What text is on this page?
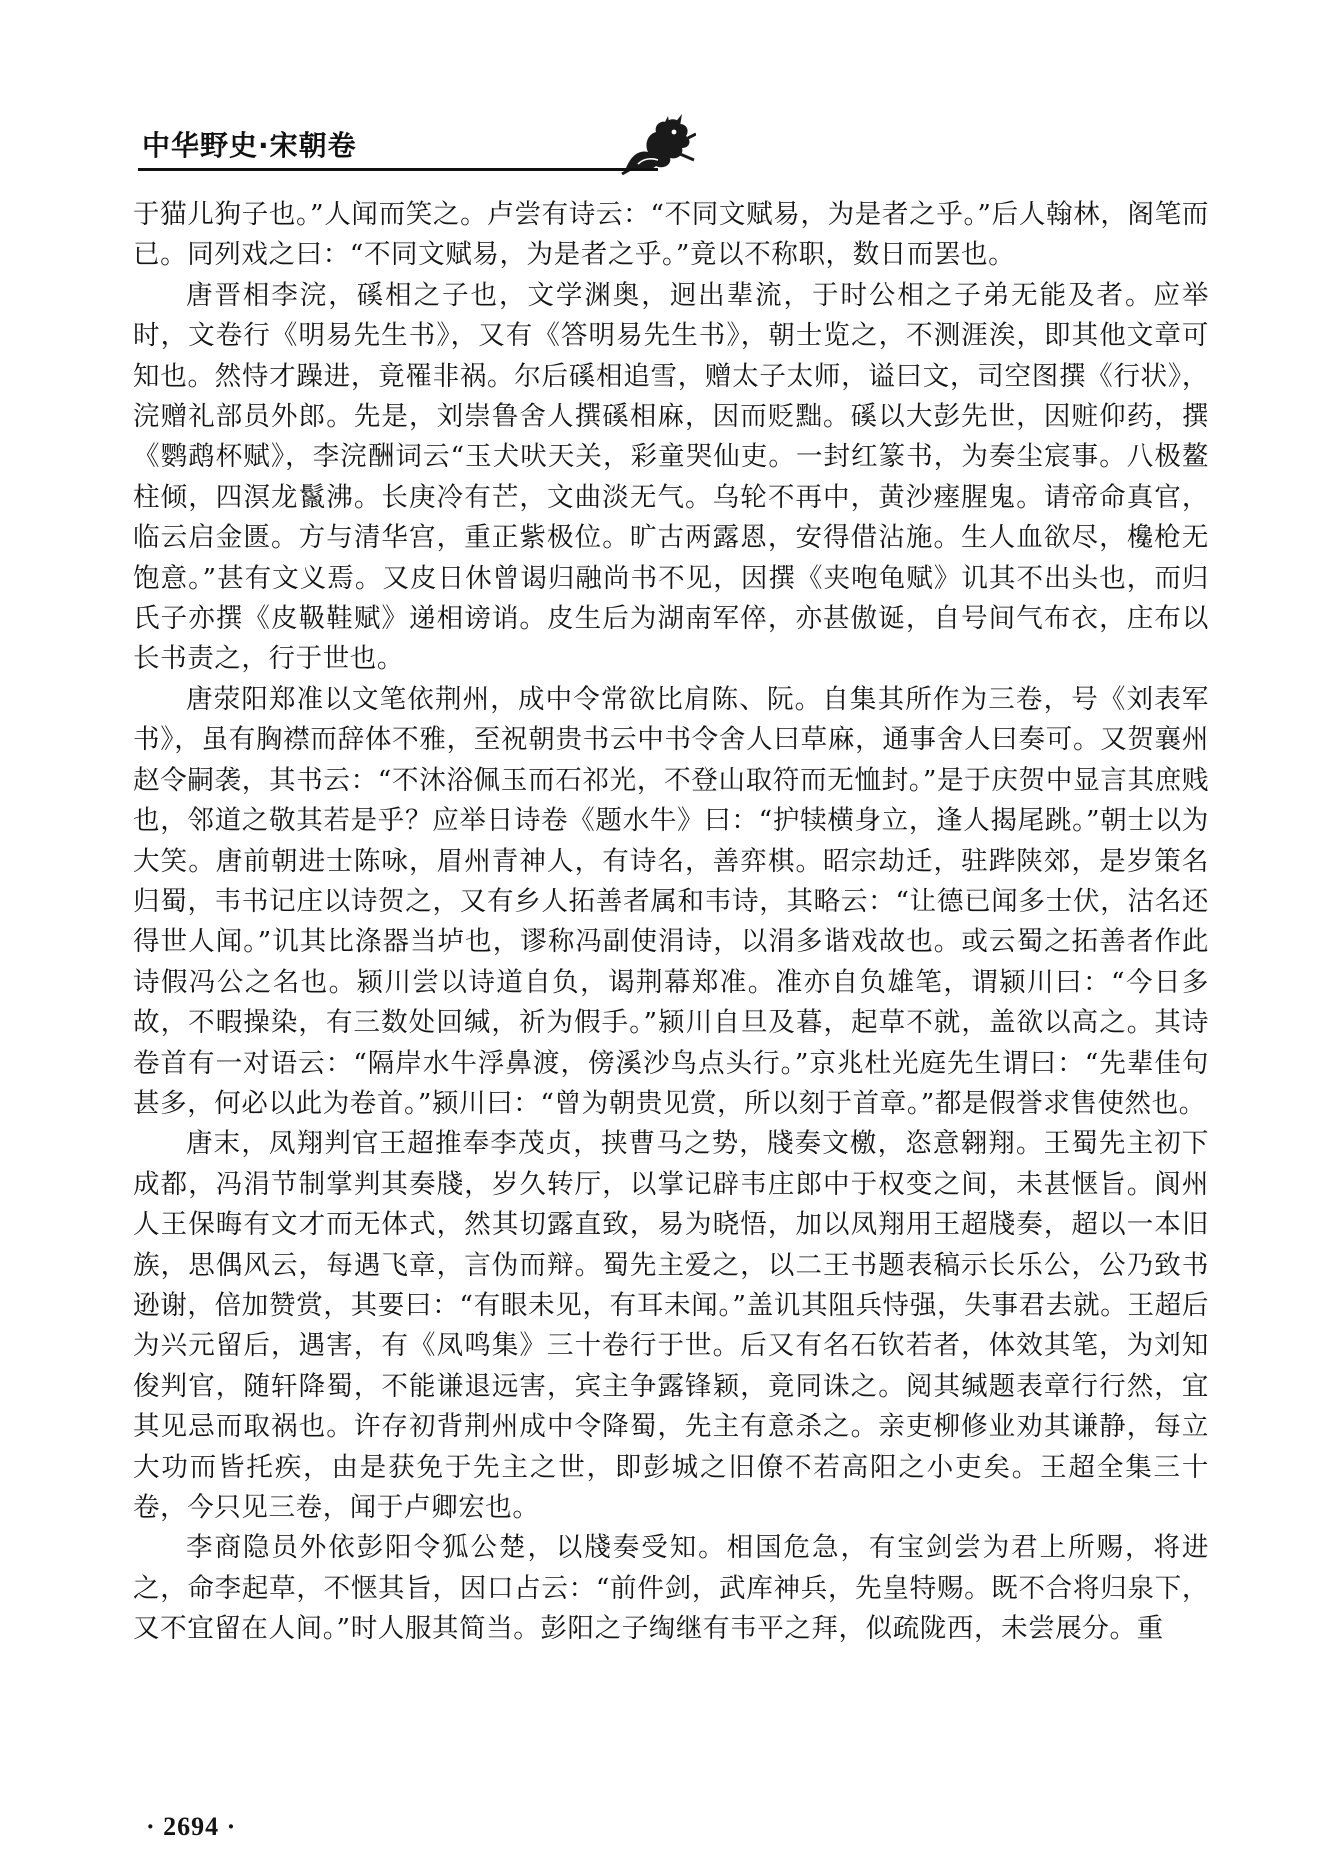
中华野史·宋朝卷

于猫儿狗子也。”人闻而笑之。卢尝有诗云：“不同文赋易，为是者之乎。”后人翰林，阁笔而已。同列戏之曰：“不同文赋易，为是者之乎。”竟以不称职，数日而罢也。

唐晋相李浣，磎相之子也，文学渊奥，迥出辈流，于时公相之子弟无能及者。应举时，文卷行《明易先生书》，又有《答明易先生书》，朝士览之，不测涯涘，即其他文章可知也。然恃才躁进，竟罹非祸。尔后磎相追雪，赠太子太师，谥曰文，司空图撰《行状》，浣赠礼部员外郎。先是，刘崇鲁舍人撰磎相麻，因而贬黜。磎以大彭先世，因赃仰药，撰《鹦鹉杯赋》，李浣酬词云“玉犬吠天关，彩童哭仙吏。一封红篆书，为奏尘宸事。八极鳌柱倾，四溟龙鬣沸。长庚冷有芒，文曲淡无气。乌轮不再中，黄沙瘗腥鬼。请帝命真官，临云启金匮。方与清华宫，重正紫极位。旷古两露恩，安得借沾施。生人血欲尽，欃枪无饱意。”甚有文义焉。又皮日休曾谒归融尚书不见，因撰《夹咆龟赋》讥其不出头也，而归氏子亦撰《皮靸鞋赋》递相谤诮。皮生后为湖南军倅，亦甚傲诞，自号间气布衣，庄布以长书责之，行于世也。

唐荥阳郑准以文笔依荆州，成中令常欲比肩陈、阮。自集其所作为三卷，号《刘表军书》，虽有胸襟而辞体不雅，至祝朝贵书云中书令舍人曰草麻，通事舍人曰奏可。又贺襄州赵令嗣袭，其书云：“不沐浴佩玉而石祁光，不登山取符而无恤封。”是于庆贺中显言其庶贱也，邻道之敬其若是乎？应举日诗卷《题水牛》曰：“护犊横身立，逢人揭尾跳。”朝士以为大笑。唐前朝进士陈咏，眉州青神人，有诗名，善弈棋。昭宗劫迁，驻跸陕郊，是岁策名归蜀，韦书记庄以诗贺之，又有乡人拓善者属和韦诗，其略云：“让德已闻多士伏，沽名还得世人闻。”讥其比涤器当垆也，谬称冯副使涓诗，以涓多谐戏故也。或云蜀之拓善者作此诗假冯公之名也。颍川尝以诗道自负，谒荆幕郑准。准亦自负雄笔，谓颍川曰：“今日多故，不暇操染，有三数处回缄，祈为假手。”颍川自旦及暮，起草不就，盖欲以高之。其诗卷首有一对语云：“隔岸水牛浮鼻渡，傍溪沙鸟点头行。”京兆杜光庭先生谓曰：“先辈佳句甚多，何必以此为卷首。”颍川曰：“曾为朝贵见赏，所以刻于首章。”都是假誉求售使然也。

唐末，凤翔判官王超推奉李茂贞，挟曹马之势，牋奏文檄，恣意翱翔。王蜀先主初下成都，冯涓节制掌判其奏牋，岁久转厅，以掌记辟韦庄郎中于权变之间，未甚惬旨。阆州人王保晦有文才而无体式，然其切露直致，易为晓悟，加以凤翔用王超牋奏，超以一本旧族，思偶风云，每遇飞章，言伪而辩。蜀先主爱之，以二王书题表稿示长乐公，公乃致书逊谢，倍加赞赏，其要曰：“有眼未见，有耳未闻。”盖讥其阻兵恃强，失事君去就。王超后为兴元留后，遇害，有《凤鸣集》三十卷行于世。后又有名石钦若者，体效其笔，为刘知俊判官，随轩降蜀，不能谦退远害，宾主争露锋颖，竟同诛之。阅其缄题表章行行然，宜其见忌而取祸也。许存初背荆州成中令降蜀，先主有意杀之。亲吏柳修业劝其谦静，每立大功而皆托疾，由是获免于先主之世，即彭城之旧僚不若高阳之小吏矣。王超全集三十卷，今只见三卷，闻于卢卿宏也。

李商隐员外依彭阳令狐公楚，以牋奏受知。相国危急，有宝剑尝为君上所赐，将进之，命李起草，不惬其旨，因口占云：“前件剑，武库神兵，先皇特赐。既不合将归泉下，又不宜留在人间。”时人服其简当。彭阳之子绹继有韦平之拜，似疏陇西，未尝展分。重

· 2694 ·
